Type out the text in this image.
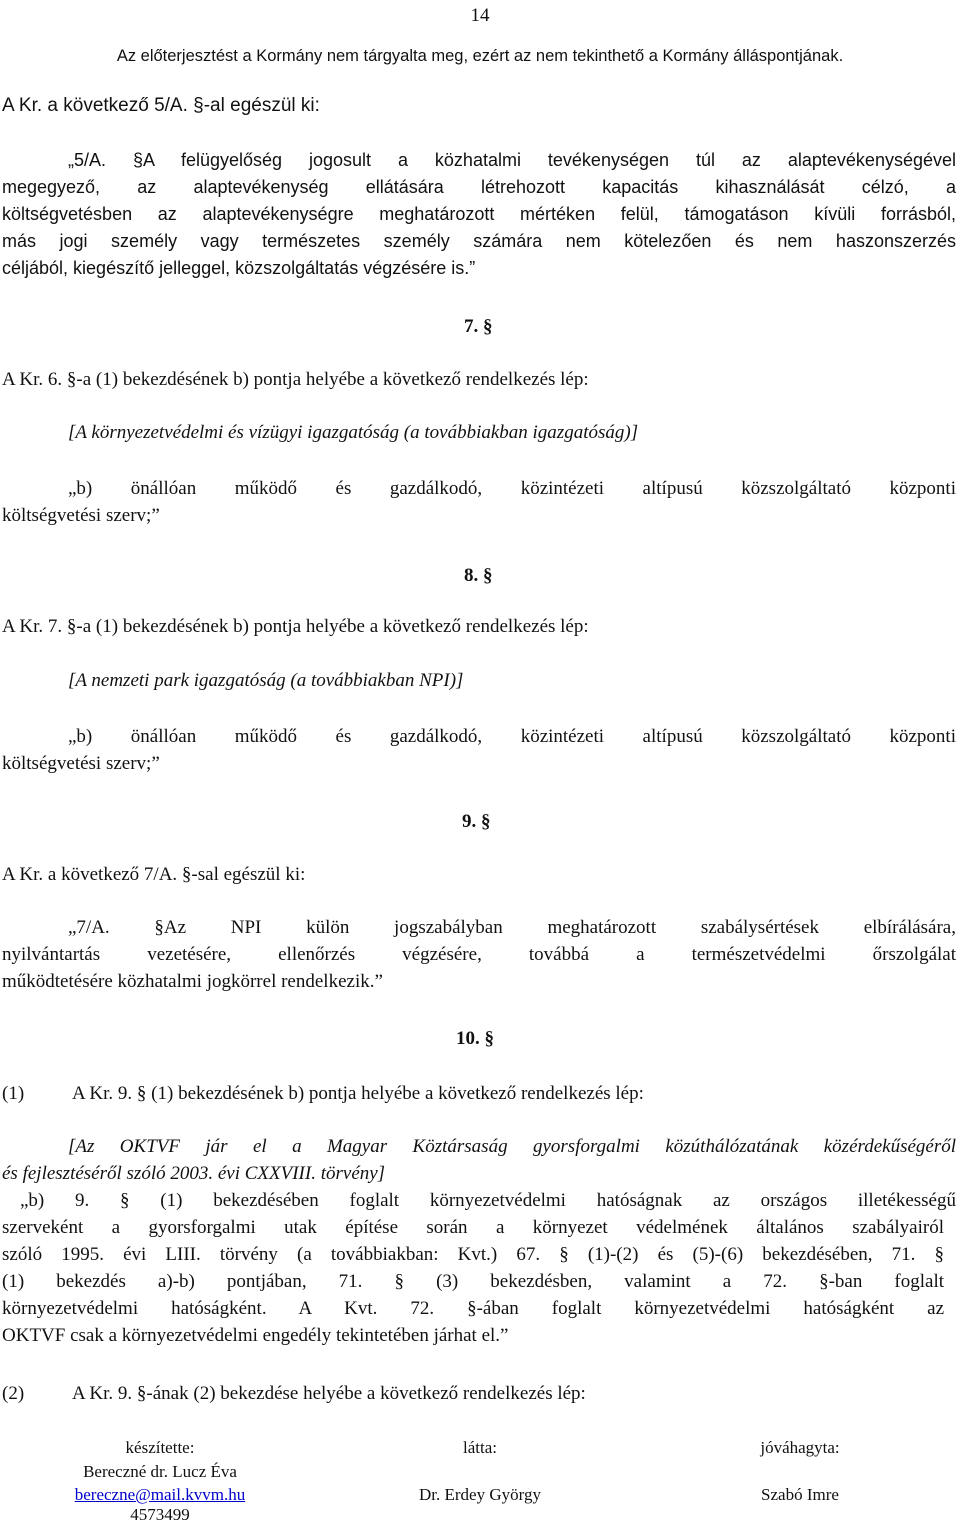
14
Az előterjesztést a Kormány nem tárgyalta meg, ezért az nem tekinthető a Kormány álláspontjának.
A Kr. a következő 5/A. §-al egészül ki:
„5/A. §A felügyelőség jogosult a közhatalmi tevékenységen túl az alaptevékenységével
megegyező, az alaptevékenység ellátására létrehozott kapacitás kihasználását célzó, a
költségvetésben az alaptevékenységre meghatározott mértéken felül, támogatáson kívüli forrásból,
más jogi személy vagy természetes személy számára nem kötelezően és nem haszonszerzés
céljából, kiegészítő jelleggel, közszolgáltatás végzésére is.”
7. §
A Kr. 6. §-a (1) bekezdésének b) pontja helyébe a következő rendelkezés lép:
[A környezetvédelmi és vízügyi igazgatóság (a továbbiakban igazgatóság)]
„b) önállóan működő és gazdálkodó, közintézeti altípusú közszolgáltató központi
költségvetési szerv;”
8. §
A Kr. 7. §-a (1) bekezdésének b) pontja helyébe a következő rendelkezés lép:
[A nemzeti park igazgatóság (a továbbiakban NPI)]
„b) önállóan működő és gazdálkodó, közintézeti altípusú közszolgáltató központi
költségvetési szerv;”
9. §
A Kr. a következő 7/A. §-sal egészül ki:
„7/A. §Az NPI külön jogszabályban meghatározott szabálysértések elbírálására,
nyilvántartás vezetésére, ellenőrzés végzésére, továbbá a természetvédelmi őrszolgálat
működtetésére közhatalmi jogkörrel rendelkezik.”
10. §
(1)	A Kr. 9. § (1) bekezdésének b) pontja helyébe a következő rendelkezés lép:
[Az OKTVF jár el a Magyar Köztársaság gyorsforgalmi közúthálózatának közérdekűségéről
és fejlesztéséről szóló 2003. évi CXXVIII. törvény]
„b) 9. § (1) bekezdésében foglalt környezetvédelmi hatóságnak az országos illetékességű
szerveként a gyorsforgalmi utak építése során a környezet védelmének általános szabályairól
szóló 1995. évi LIII. törvény (a továbbiakban: Kvt.) 67. § (1)-(2) és (5)-(6) bekezdésében, 71. §
(1) bekezdés a)-b) pontjában, 71. § (3) bekezdésben, valamint a 72. §-ban foglalt
környezetvédelmi hatóságként. A Kvt. 72. §-ában foglalt környezetvédelmi hatóságként az
OKTVF csak a környezetvédelmi engedély tekintetében járhat el.”
(2)	A Kr. 9. §-ának (2) bekezdése helyébe a következő rendelkezés lép:
készítette:
Bereczné dr. Lucz Éva
bereczne@mail.kvvm.hu
4573499
látta:
Dr. Erdey György
jóváhagyta:
Szabó Imre
